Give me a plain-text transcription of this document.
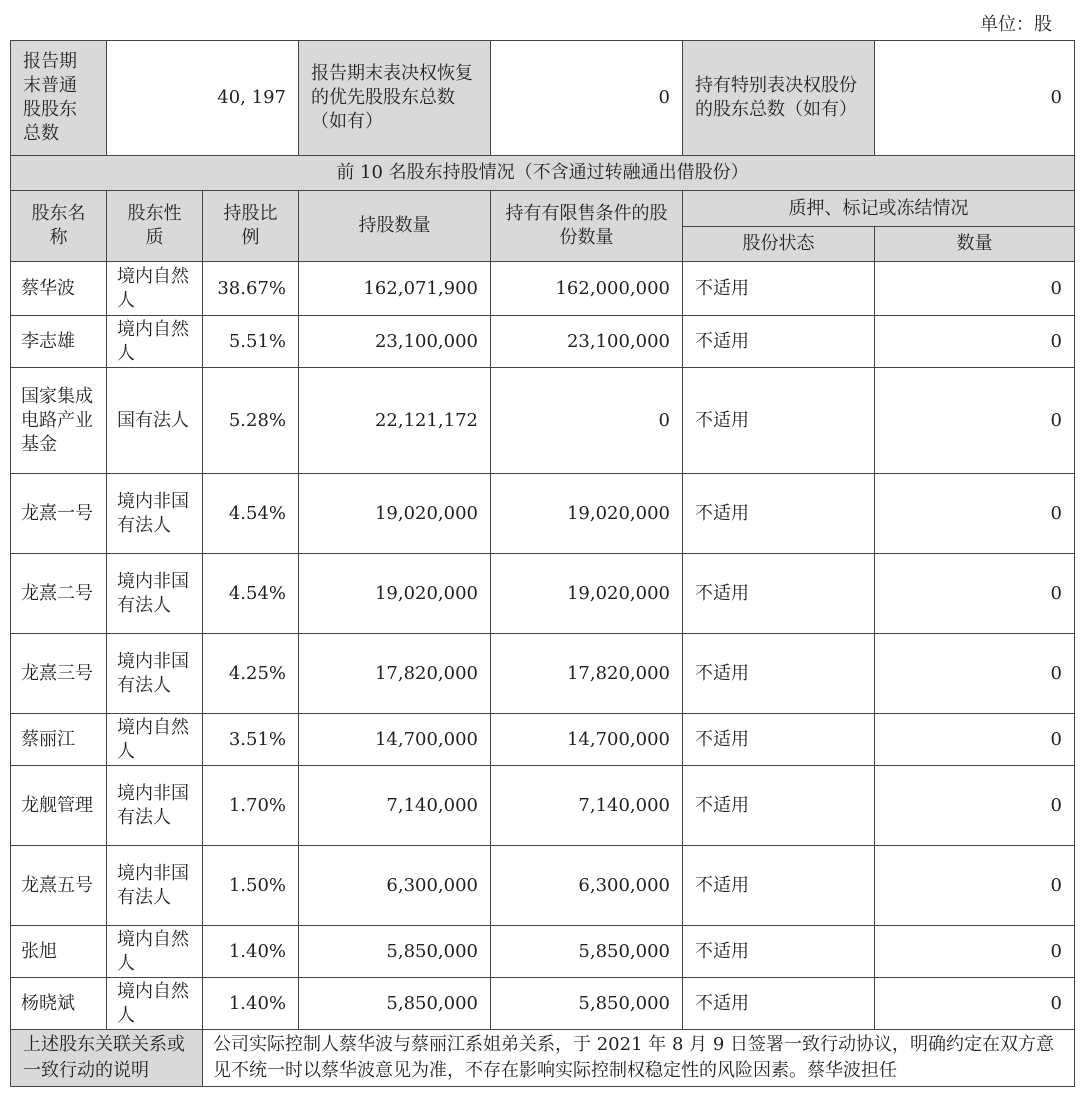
单位：股
报告期末普通股股东总数	40, 197		报告期末表决权恢复的优先股股东总数（如有）	0	持有特别表决权股份的股东总数（如有）	0
前 10 名股东持股情况（不含通过转融通出借股份）						
股东名称	股东性质	持股比例	持股数量	持有有限售条件的股份数量	质押、标记或冻结情况	
					股份状态	数量
蔡华波	境内自然人	38.67%	162,071,900	162,000,000	不适用	0
李志雄	境内自然人	5.51%	23,100,000	23,100,000	不适用	0
国家集成电路产业基金	国有法人	5.28%	22,121,172	0	不适用	0
龙熹一号	境内非国有法人	4.54%	19,020,000	19,020,000	不适用	0
龙熹二号	境内非国有法人	4.54%	19,020,000	19,020,000	不适用	0
龙熹三号	境内非国有法人	4.25%	17,820,000	17,820,000	不适用	0
蔡丽江	境内自然人	3.51%	14,700,000	14,700,000	不适用	0
龙舰管理	境内非国有法人	1.70%	7,140,000	7,140,000	不适用	0
龙熹五号	境内非国有法人	1.50%	6,300,000	6,300,000	不适用	0
张旭	境内自然人	1.40%	5,850,000	5,850,000	不适用	0
杨晓斌	境内自然人	1.40%	5,850,000	5,850,000	不适用	0
上述股东关联关系或一致行动的说明		公司实际控制人蔡华波与蔡丽江系姐弟关系，于 2021 年 8 月 9 日签署一致行动协议，明确约定在双方意见不统一时以蔡华波意见为准，不存在影响实际控制权稳定性的风险因素。蔡华波担任				
